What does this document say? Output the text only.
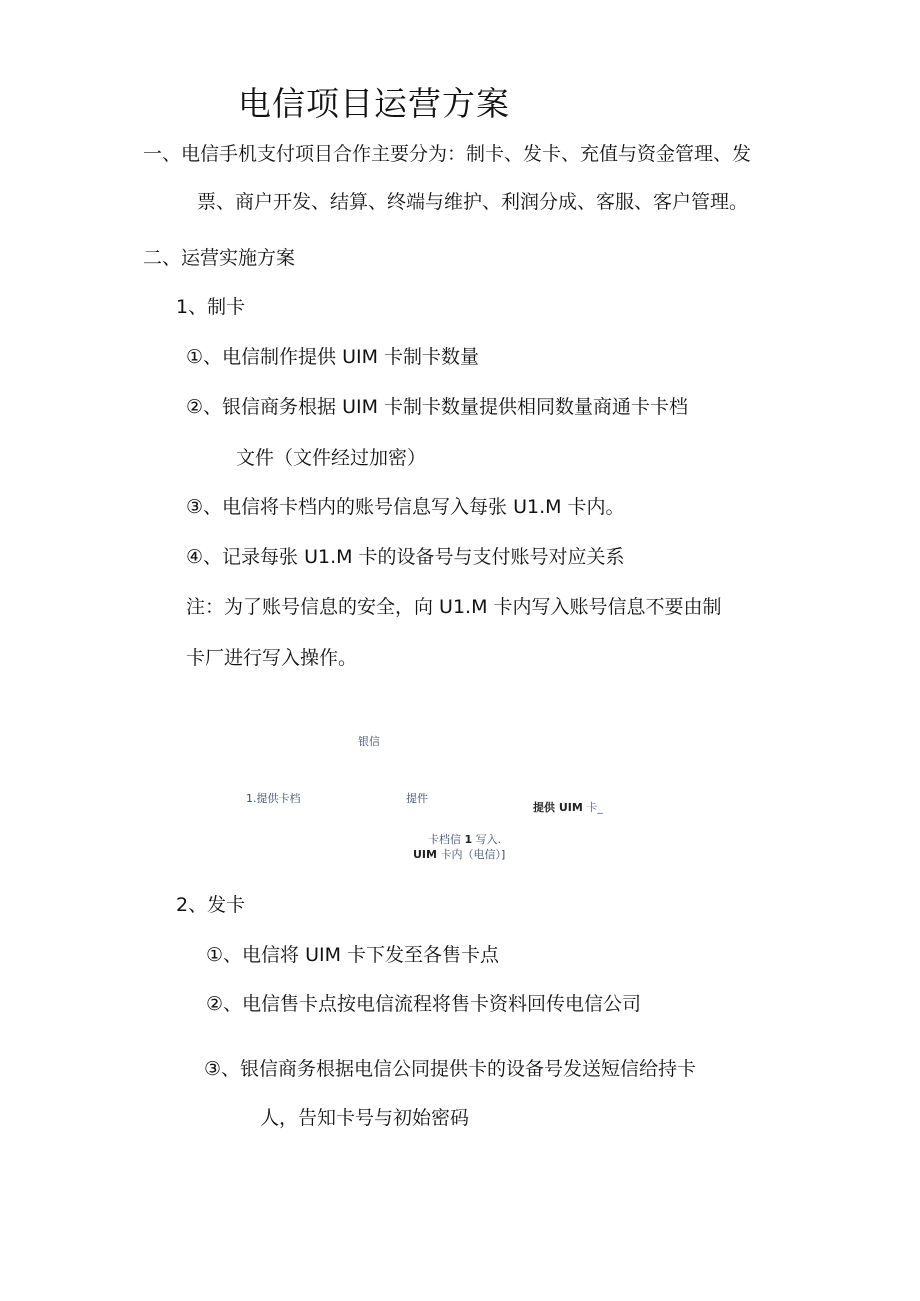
电信项目运营方案
一、电信手机支付项目合作主要分为：制卡、发卡、充值与资金管理、发
票、商户开发、结算、终端与维护、利润分成、客服、客户管理。
二、运营实施方案
1、制卡
①、电信制作提供 UIM 卡制卡数量
②、银信商务根据 UIM 卡制卡数量提供相同数量商通卡卡档
文件（文件经过加密）
③、电信将卡档内的账号信息写入每张 U1.M 卡内。
④、记录每张 U1.M 卡的设备号与支付账号对应关系
注：为了账号信息的安全，向 U1.M 卡内写入账号信息不要由制
卡厂进行写入操作。
银信
1.提供卡档	提件
提供 UIM 卡_
卡档信 1 写入.
UIM 卡内（电信）]
2、发卡
①、电信将 UIM 卡下发至各售卡点
②、电信售卡点按电信流程将售卡资料回传电信公司
③、银信商务根据电信公同提供卡的设备号发送短信给持卡
人，告知卡号与初始密码
